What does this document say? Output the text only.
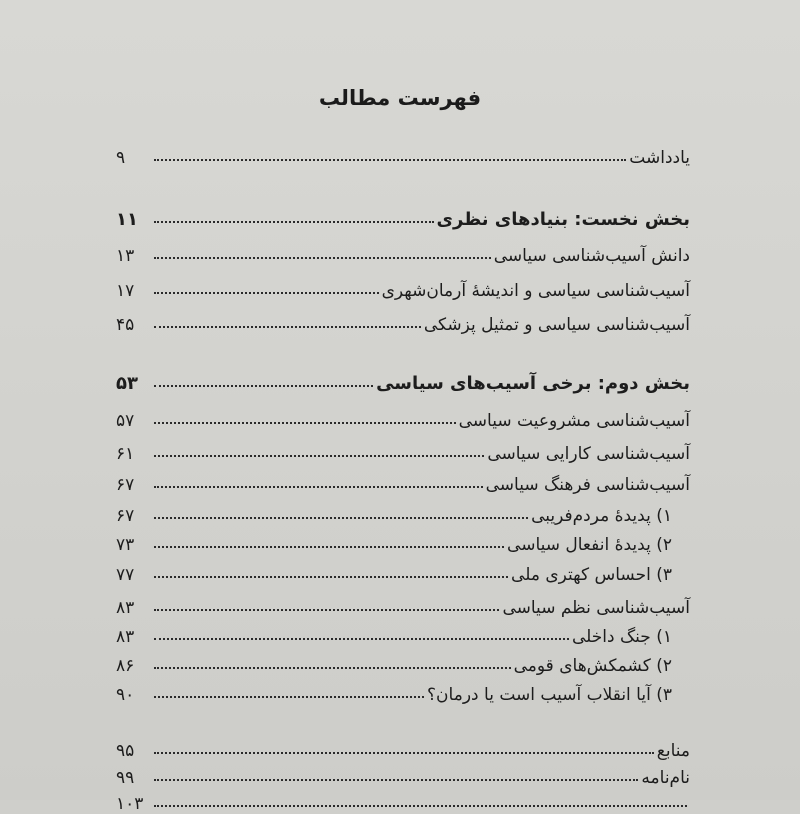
فهرست مطالب
یادداشت
۹
بخش نخست: بنیادهای نظری
۱۱
دانش آسیب‌شناسی سیاسی
۱۳
آسیب‌شناسی سیاسی و اندیشهٔ آرمان‌شهری
۱۷
آسیب‌شناسی سیاسی و تمثیل پزشکی
۴۵
بخش دوم: برخی آسیب‌های سیاسی
۵۳
آسیب‌شناسی مشروعیت سیاسی
۵۷
آسیب‌شناسی کارایی سیاسی
۶۱
آسیب‌شناسی فرهنگ سیاسی
۶۷
۱) پدیدهٔ مردم‌فریبی
۶۷
۲) پدیدهٔ انفعال سیاسی
۷۳
۳) احساس کهتری ملی
۷۷
آسیب‌شناسی نظم سیاسی
۸۳
۱) جنگ داخلی
۸۳
۲) کشمکش‌های قومی
۸۶
۳) آیا انقلاب آسیب است یا درمان؟
۹۰
منابع
۹۵
نام‌نامه
۹۹
۱۰۳
